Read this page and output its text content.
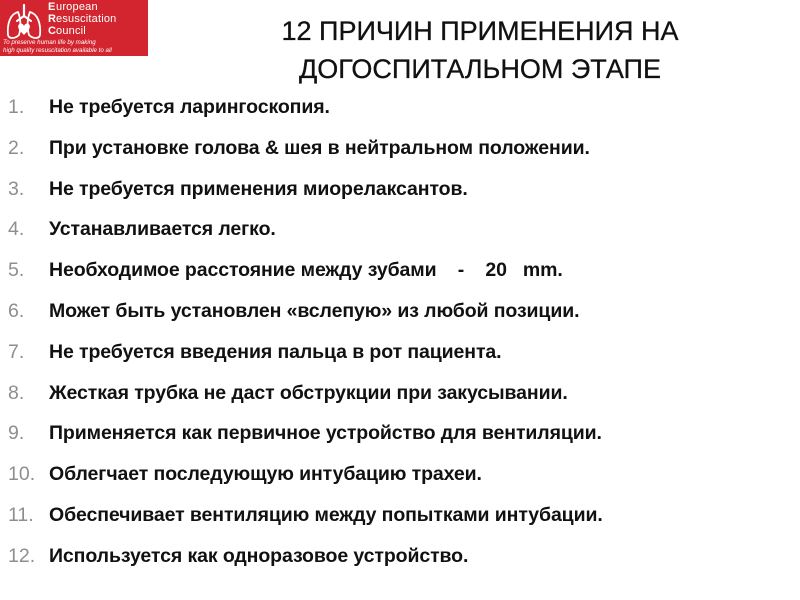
European
Resuscitation
Council
To preserve human life by making
high quality resuscitation available to all
12 ПРИЧИН ПРИМЕНЕНИЯ НА
ДОГОСПИТАЛЬНОМ ЭТАПЕ
1. Не требуется ларингоскопия.
2. При установке голова & шея в нейтральном положении.
3. Не требуется применения миорелаксантов.
4. Устанавливается легко.
5. Необходимое расстояние между зубами    -    20   mm.
6. Может быть установлен «вслепую» из любой позиции.
7. Не требуется введения пальца в рот пациента.
8. Жесткая трубка не даст обструкции при закусывании.
9. Применяется как первичное устройство для вентиляции.
10. Облегчает последующую интубацию трахеи.
11. Обеспечивает вентиляцию между попытками интубации.
12. Используется как одноразовое устройство.
